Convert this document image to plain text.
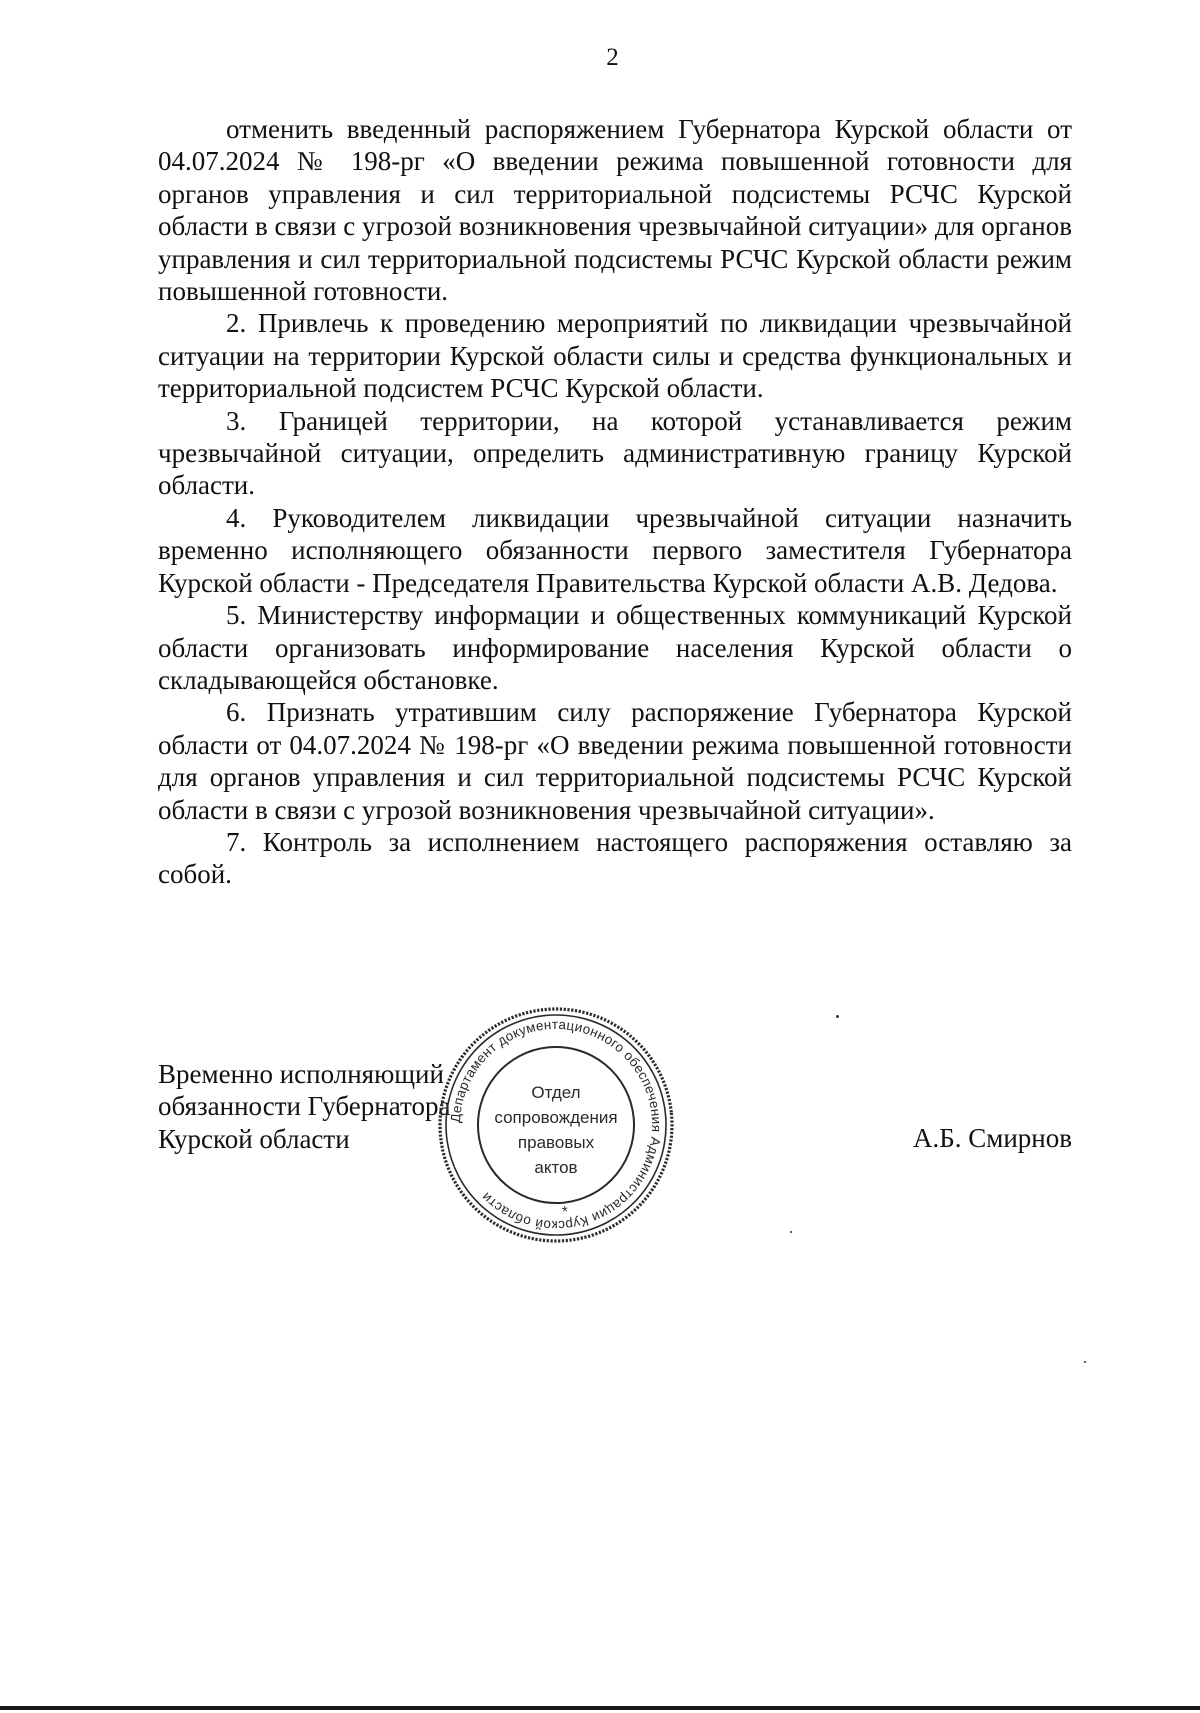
2

отменить введенный распоряжением Губернатора Курской области от 04.07.2024 № 198-рг «О введении режима повышенной готовности для органов управления и сил территориальной подсистемы РСЧС Курской области в связи с угрозой возникновения чрезвычайной ситуации» для органов управления и сил территориальной подсистемы РСЧС Курской области режим повышенной готовности.

2. Привлечь к проведению мероприятий по ликвидации чрезвычайной ситуации на территории Курской области силы и средства функциональных и территориальной подсистем РСЧС Курской области.

3. Границей территории, на которой устанавливается режим чрезвычайной ситуации, определить административную границу Курской области.

4. Руководителем ликвидации чрезвычайной ситуации назначить временно исполняющего обязанности первого заместителя Губернатора Курской области - Председателя Правительства Курской области А.В. Дедова.

5. Министерству информации и общественных коммуникаций Курской области организовать информирование населения Курской области о складывающейся обстановке.

6. Признать утратившим силу распоряжение Губернатора Курской области от 04.07.2024 № 198-рг «О введении режима повышенной готовности для органов управления и сил территориальной подсистемы РСЧС Курской области в связи с угрозой возникновения чрезвычайной ситуации».

7. Контроль за исполнением настоящего распоряжения оставляю за собой.

Временно исполняющий
обязанности Губернатора
Курской области	А.Б. Смирнов
Департамент документационного обеспечения Администрации Курской области
*
Отдел
сопровождения
правовых
актов
